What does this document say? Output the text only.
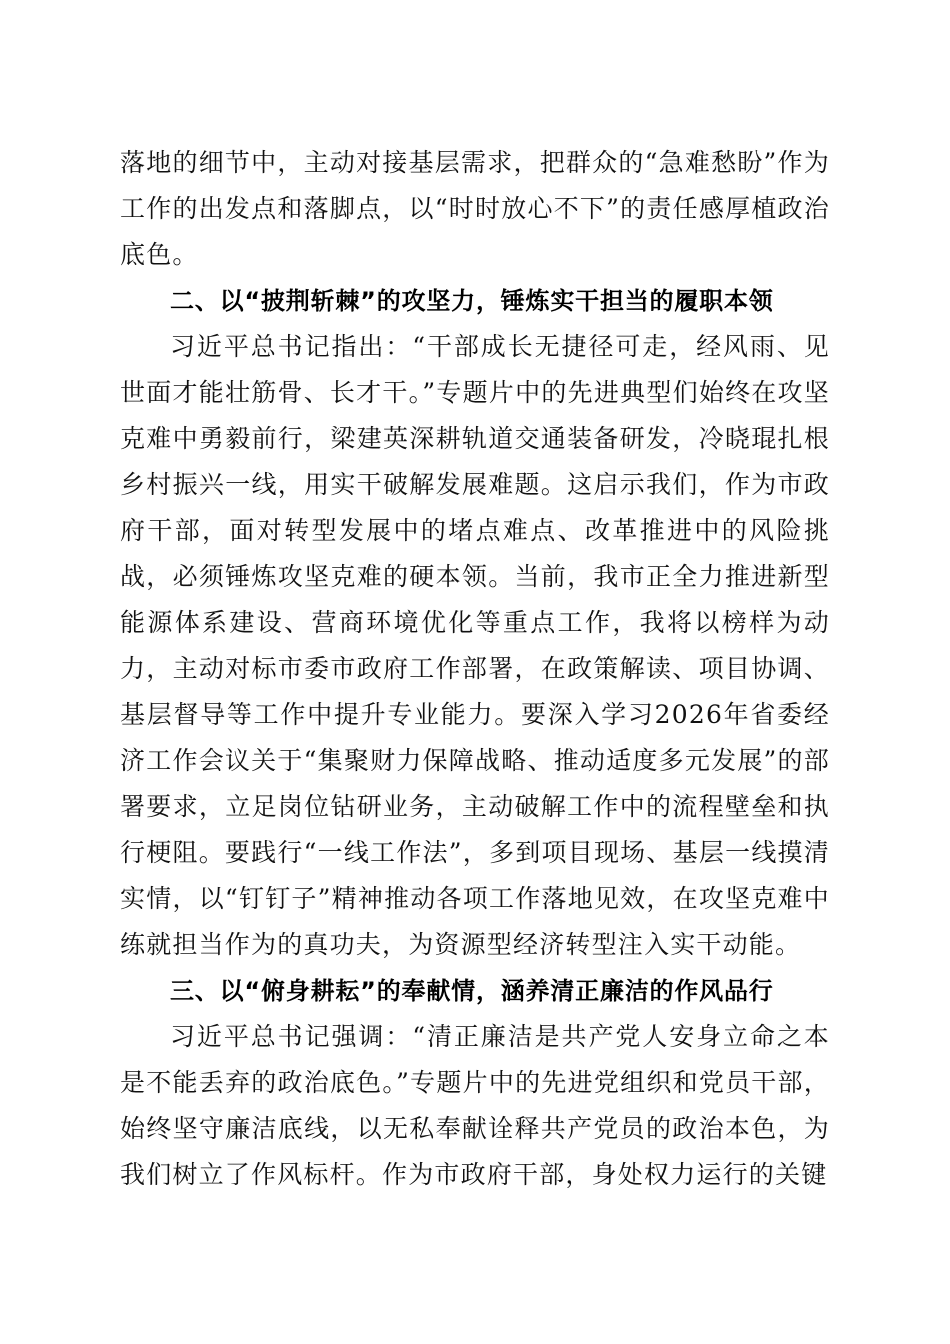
落地的细节中，主动对接基层需求，把群众的“急难愁盼”作为工作的出发点和落脚点，以“时时放心不下”的责任感厚植政治底色。

二、以“披荆斩棘”的攻坚力，锤炼实干担当的履职本领

习近平总书记指出：“干部成长无捷径可走，经风雨、见世面才能壮筋骨、长才干。”专题片中的先进典型们始终在攻坚克难中勇毅前行，梁建英深耕轨道交通装备研发，冷晓琨扎根乡村振兴一线，用实干破解发展难题。这启示我们，作为市政府干部，面对转型发展中的堵点难点、改革推进中的风险挑战，必须锤炼攻坚克难的硬本领。当前，我市正全力推进新型能源体系建设、营商环境优化等重点工作，我将以榜样为动力，主动对标市委市政府工作部署，在政策解读、项目协调、基层督导等工作中提升专业能力。要深入学习2026年省委经济工作会议关于“集聚财力保障战略、推动适度多元发展”的部署要求，立足岗位钻研业务，主动破解工作中的流程壁垒和执行梗阻。要践行“一线工作法”，多到项目现场、基层一线摸清实情，以“钉钉子”精神推动各项工作落地见效，在攻坚克难中练就担当作为的真功夫，为资源型经济转型注入实干动能。

三、以“俯身耕耘”的奉献情，涵养清正廉洁的作风品行

习近平总书记强调：“清正廉洁是共产党人安身立命之本是不能丢弃的政治底色。”专题片中的先进党组织和党员干部，始终坚守廉洁底线，以无私奉献诠释共产党员的政治本色，为我们树立了作风标杆。作为市政府干部，身处权力运行的关键
